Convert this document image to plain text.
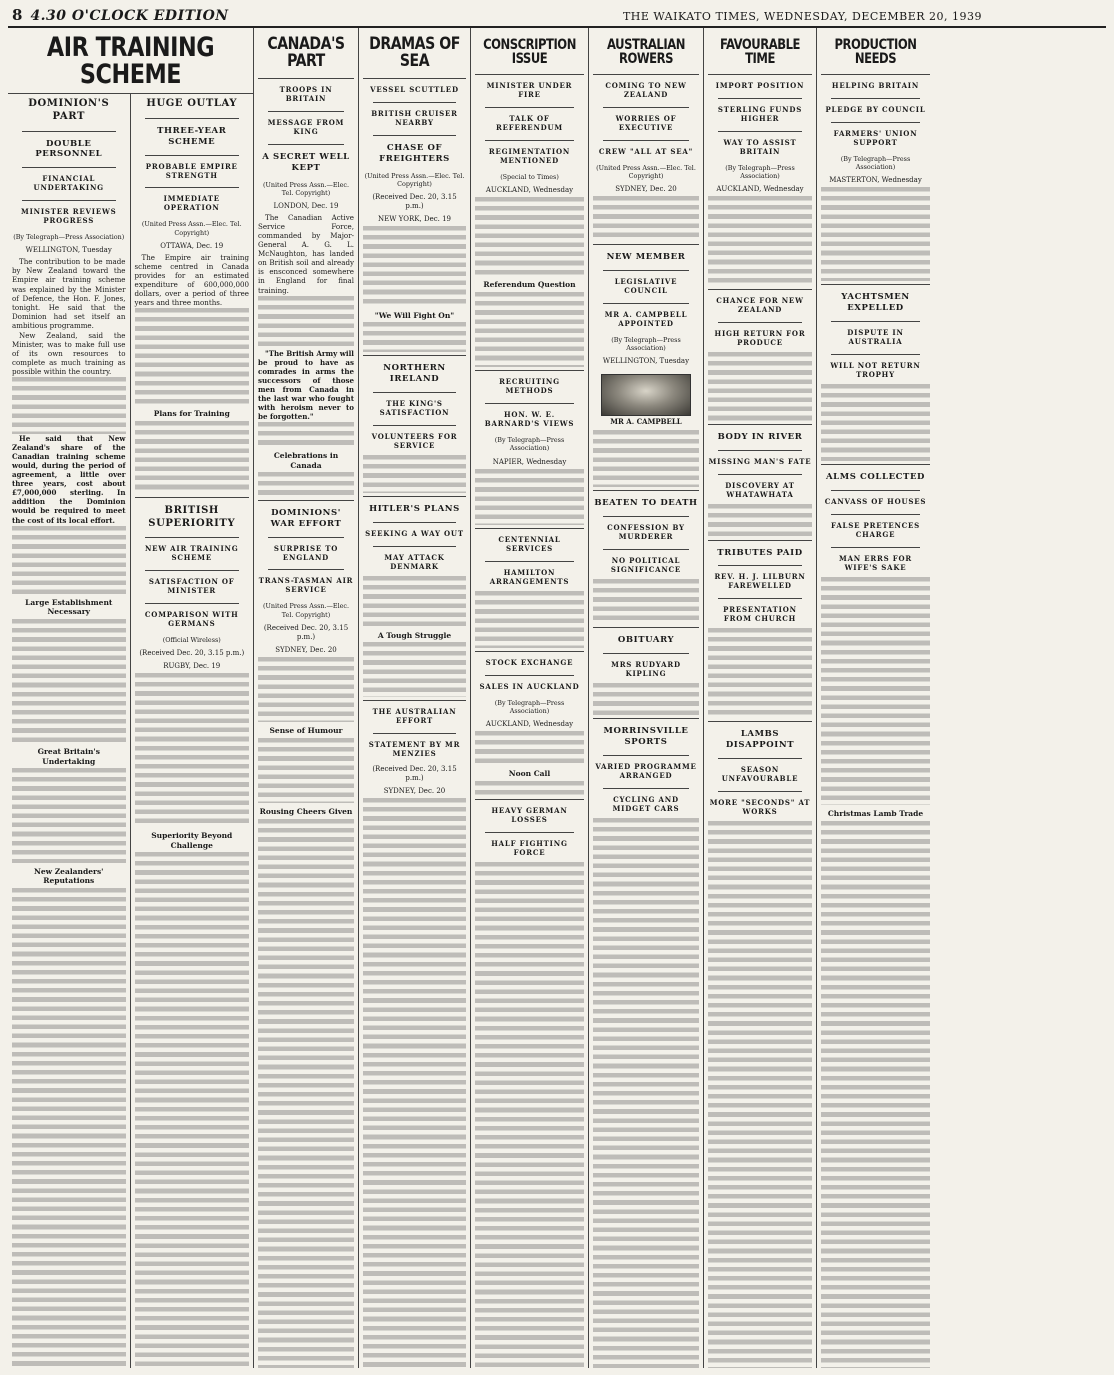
8 4.30 O'CLOCK EDITION	THE WAIKATO TIMES, WEDNESDAY, DECEMBER 20, 1939
AIR TRAINING SCHEME
DOMINION'S PART
DOUBLE PERSONNEL
FINANCIAL UNDERTAKING
MINISTER REVIEWS PROGRESS
(By Telegraph—Press Association)
WELLINGTON, Tuesday

The contribution to be made by New Zealand toward the Empire air training scheme was explained by the Minister of Defence, the Hon. F. Jones, tonight. He said that the Dominion had set itself an ambitious programme.

New Zealand, said the Minister, was to make full use of its own resources to complete as much training as possible within the country.

He said that New Zealand's share of the Canadian training scheme would, during the period of agreement, a little over three years, cost about £7,000,000 sterling. In addition the Dominion would be required to meet the cost of its local effort.

Large Establishment Necessary
Great Britain's Undertaking
New Zealanders' Reputations
HUGE OUTLAY
THREE-YEAR SCHEME
PROBABLE EMPIRE STRENGTH
IMMEDIATE OPERATION
(United Press Assn.—Elec. Tel. Copyright)
OTTAWA, Dec. 19

The Empire air training scheme centred in Canada provides for an estimated expenditure of 600,000,000 dollars, over a period of three years and three months.

Plans for Training
BRITISH SUPERIORITY
NEW AIR TRAINING SCHEME
SATISFACTION OF MINISTER
COMPARISON WITH GERMANS
(Official Wireless)
(Received Dec. 20, 3.15 p.m.)
RUGBY, Dec. 19
Superiority Beyond Challenge
CANADA'S PART
TROOPS IN BRITAIN
MESSAGE FROM KING
A SECRET WELL KEPT
(United Press Assn.—Elec. Tel. Copyright)
LONDON, Dec. 19

The Canadian Active Service Force, commanded by Major-General A. G. L. McNaughton, has landed on British soil and already is ensconced somewhere in England for final training.

"The British Army will be proud to have as comrades in arms the successors of those men from Canada in the last war who fought with heroism never to be forgotten."

Celebrations in Canada
DOMINIONS' WAR EFFORT
SURPRISE TO ENGLAND
TRANS-TASMAN AIR SERVICE
(United Press Assn.—Elec. Tel. Copyright)
(Received Dec. 20, 3.15 p.m.)
SYDNEY, Dec. 20
Sense of Humour
Rousing Cheers Given
DRAMAS OF SEA
VESSEL SCUTTLED
BRITISH CRUISER NEARBY
CHASE OF FREIGHTERS
(United Press Assn.—Elec. Tel. Copyright)
(Received Dec. 20, 3.15 p.m.)
NEW YORK, Dec. 19
"We Will Fight On"
NORTHERN IRELAND
THE KING'S SATISFACTION
VOLUNTEERS FOR SERVICE
HITLER'S PLANS
SEEKING A WAY OUT
MAY ATTACK DENMARK
A Tough Struggle
THE AUSTRALIAN EFFORT
STATEMENT BY MR MENZIES
(Received Dec. 20, 3.15 p.m.)
SYDNEY, Dec. 20
CONSCRIPTION ISSUE
MINISTER UNDER FIRE
TALK OF REFERENDUM
REGIMENTATION MENTIONED
(Special to Times)
AUCKLAND, Wednesday
Referendum Question
RECRUITING METHODS
HON. W. E. BARNARD'S VIEWS
(By Telegraph—Press Association)
NAPIER, Wednesday
CENTENNIAL SERVICES
HAMILTON ARRANGEMENTS
STOCK EXCHANGE
SALES IN AUCKLAND
(By Telegraph—Press Association)
AUCKLAND, Wednesday
Noon Call
HEAVY GERMAN LOSSES
HALF FIGHTING FORCE
AUSTRALIAN ROWERS
COMING TO NEW ZEALAND
WORRIES OF EXECUTIVE
CREW "ALL AT SEA"
(United Press Assn.—Elec. Tel. Copyright)
SYDNEY, Dec. 20
NEW MEMBER
LEGISLATIVE COUNCIL
MR A. CAMPBELL APPOINTED
(By Telegraph—Press Association)
WELLINGTON, Tuesday
MR A. CAMPBELL
BEATEN TO DEATH
CONFESSION BY MURDERER
NO POLITICAL SIGNIFICANCE
OBITUARY
MRS RUDYARD KIPLING
MORRINSVILLE SPORTS
VARIED PROGRAMME ARRANGED
CYCLING AND MIDGET CARS
FAVOURABLE TIME
IMPORT POSITION
STERLING FUNDS HIGHER
WAY TO ASSIST BRITAIN
(By Telegraph—Press Association)
AUCKLAND, Wednesday
CHANCE FOR NEW ZEALAND
HIGH RETURN FOR PRODUCE
BODY IN RIVER
MISSING MAN'S FATE
DISCOVERY AT WHATAWHATA
TRIBUTES PAID
REV. H. J. LILBURN FAREWELLED
PRESENTATION FROM CHURCH
LAMBS DISAPPOINT
SEASON UNFAVOURABLE
MORE "SECONDS" AT WORKS
PRODUCTION NEEDS
HELPING BRITAIN
PLEDGE BY COUNCIL
FARMERS' UNION SUPPORT
(By Telegraph—Press Association)
MASTERTON, Wednesday
YACHTSMEN EXPELLED
DISPUTE IN AUSTRALIA
WILL NOT RETURN TROPHY
ALMS COLLECTED
CANVASS OF HOUSES
FALSE PRETENCES CHARGE
MAN ERRS FOR WIFE'S SAKE
Christmas Lamb Trade
